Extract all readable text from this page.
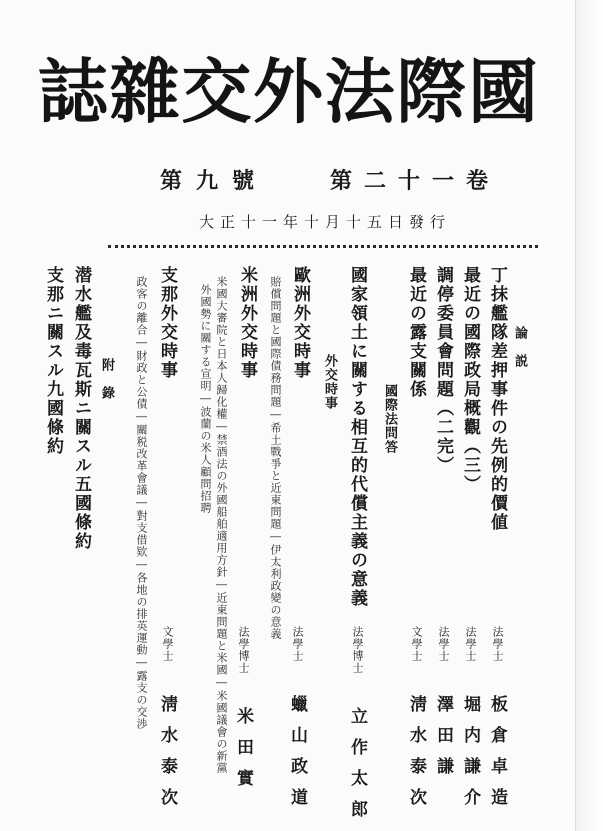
國
際
法
外
交
雜
誌
第九號	第二十一卷
大正十一年十月十五日發行
論　説
丁抹艦隊差押事件の先例的價値
法學士 板倉卓造
最近の國際政局概觀（三）
法學士 堀内謙介
調停委員會問題（二完）
法學士 澤田謙
最近の露支關係
文學士 淸水泰次
國際法問答
國家領土に關する相互的代償主義の意義
法學博士 立作太郎
外交時事
歐洲外交時事
賠償問題と國際債務問題―希土戰爭と近東問題―伊太利政變の意義
法學士 蠟山政道
米洲外交時事
米國大審院と日本人歸化權―禁酒法の外國船舶適用方針―近東問題と米國―米國議會の新黨
外國勢に關する宣明―波蘭の米人顧問招聘
法學博士 米田實
支那外交時事
政客の離合―財政と公債―關税改革會議―對支借欵―各地の排英運動―露支の交渉	文學士 淸水泰次
附　錄
潜水艦及毒瓦斯ニ關スル五國條約
支那ニ關スル九國條約
